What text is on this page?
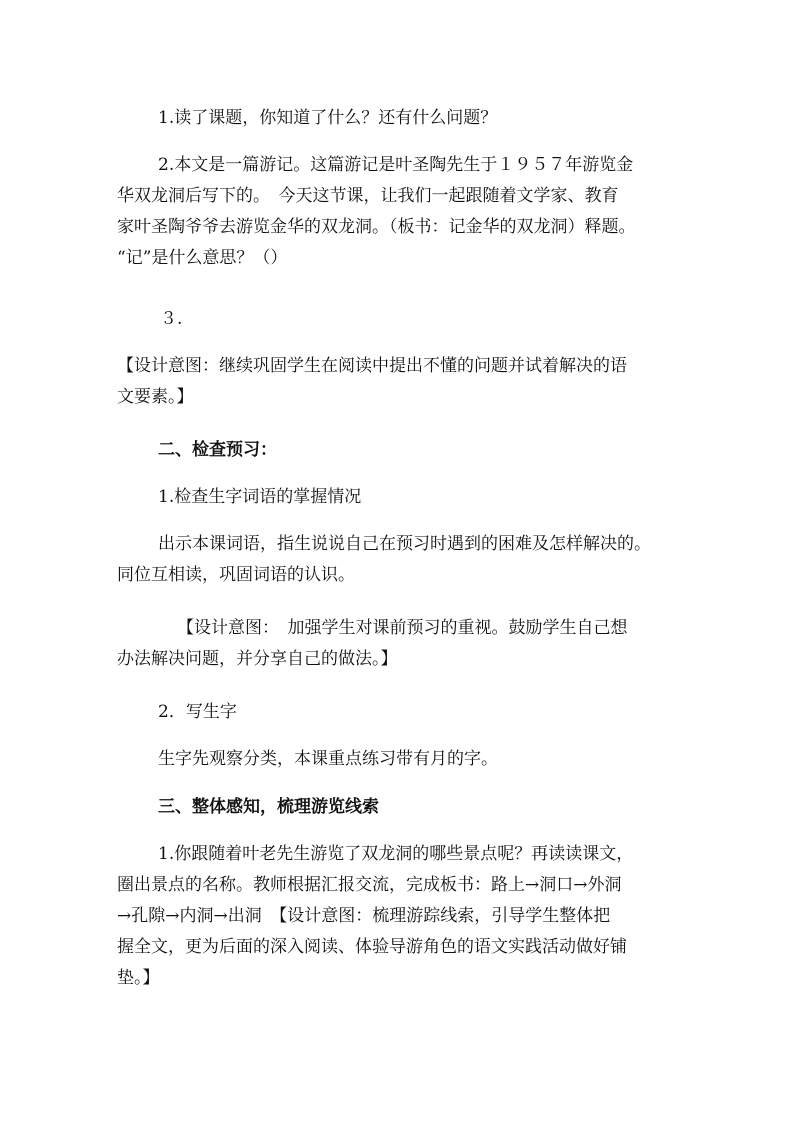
1.读了课题，你知道了什么？还有什么问题？

2.本文是一篇游记。这篇游记是叶圣陶先生于１９５７年游览金
华双龙洞后写下的。　今天这节课，让我们一起跟随着文学家、教育
家叶圣陶爷爷去游览金华的双龙洞。（板书：记金华的双龙洞）释题。
“记”是什么意思？（）

３.

【设计意图：继续巩固学生在阅读中提出不懂的问题并试着解决的语
文要素。】

二、检查预习：

1.检查生字词语的掌握情况

出示本课词语，指生说说自己在预习时遇到的困难及怎样解决的。
同位互相读，巩固词语的认识。

【设计意图：　加强学生对课前预习的重视。鼓励学生自己想
办法解决问题，并分享自己的做法。】

2．写生字

生字先观察分类，本课重点练习带有月的字。

三、整体感知，梳理游览线索

1.你跟随着叶老先生游览了双龙洞的哪些景点呢？再读读课文，
圈出景点的名称。教师根据汇报交流，完成板书：路上→洞口→外洞
→孔隙→内洞→出洞　【设计意图：梳理游踪线索，引导学生整体把
握全文，更为后面的深入阅读、体验导游角色的语文实践活动做好铺
垫。】
